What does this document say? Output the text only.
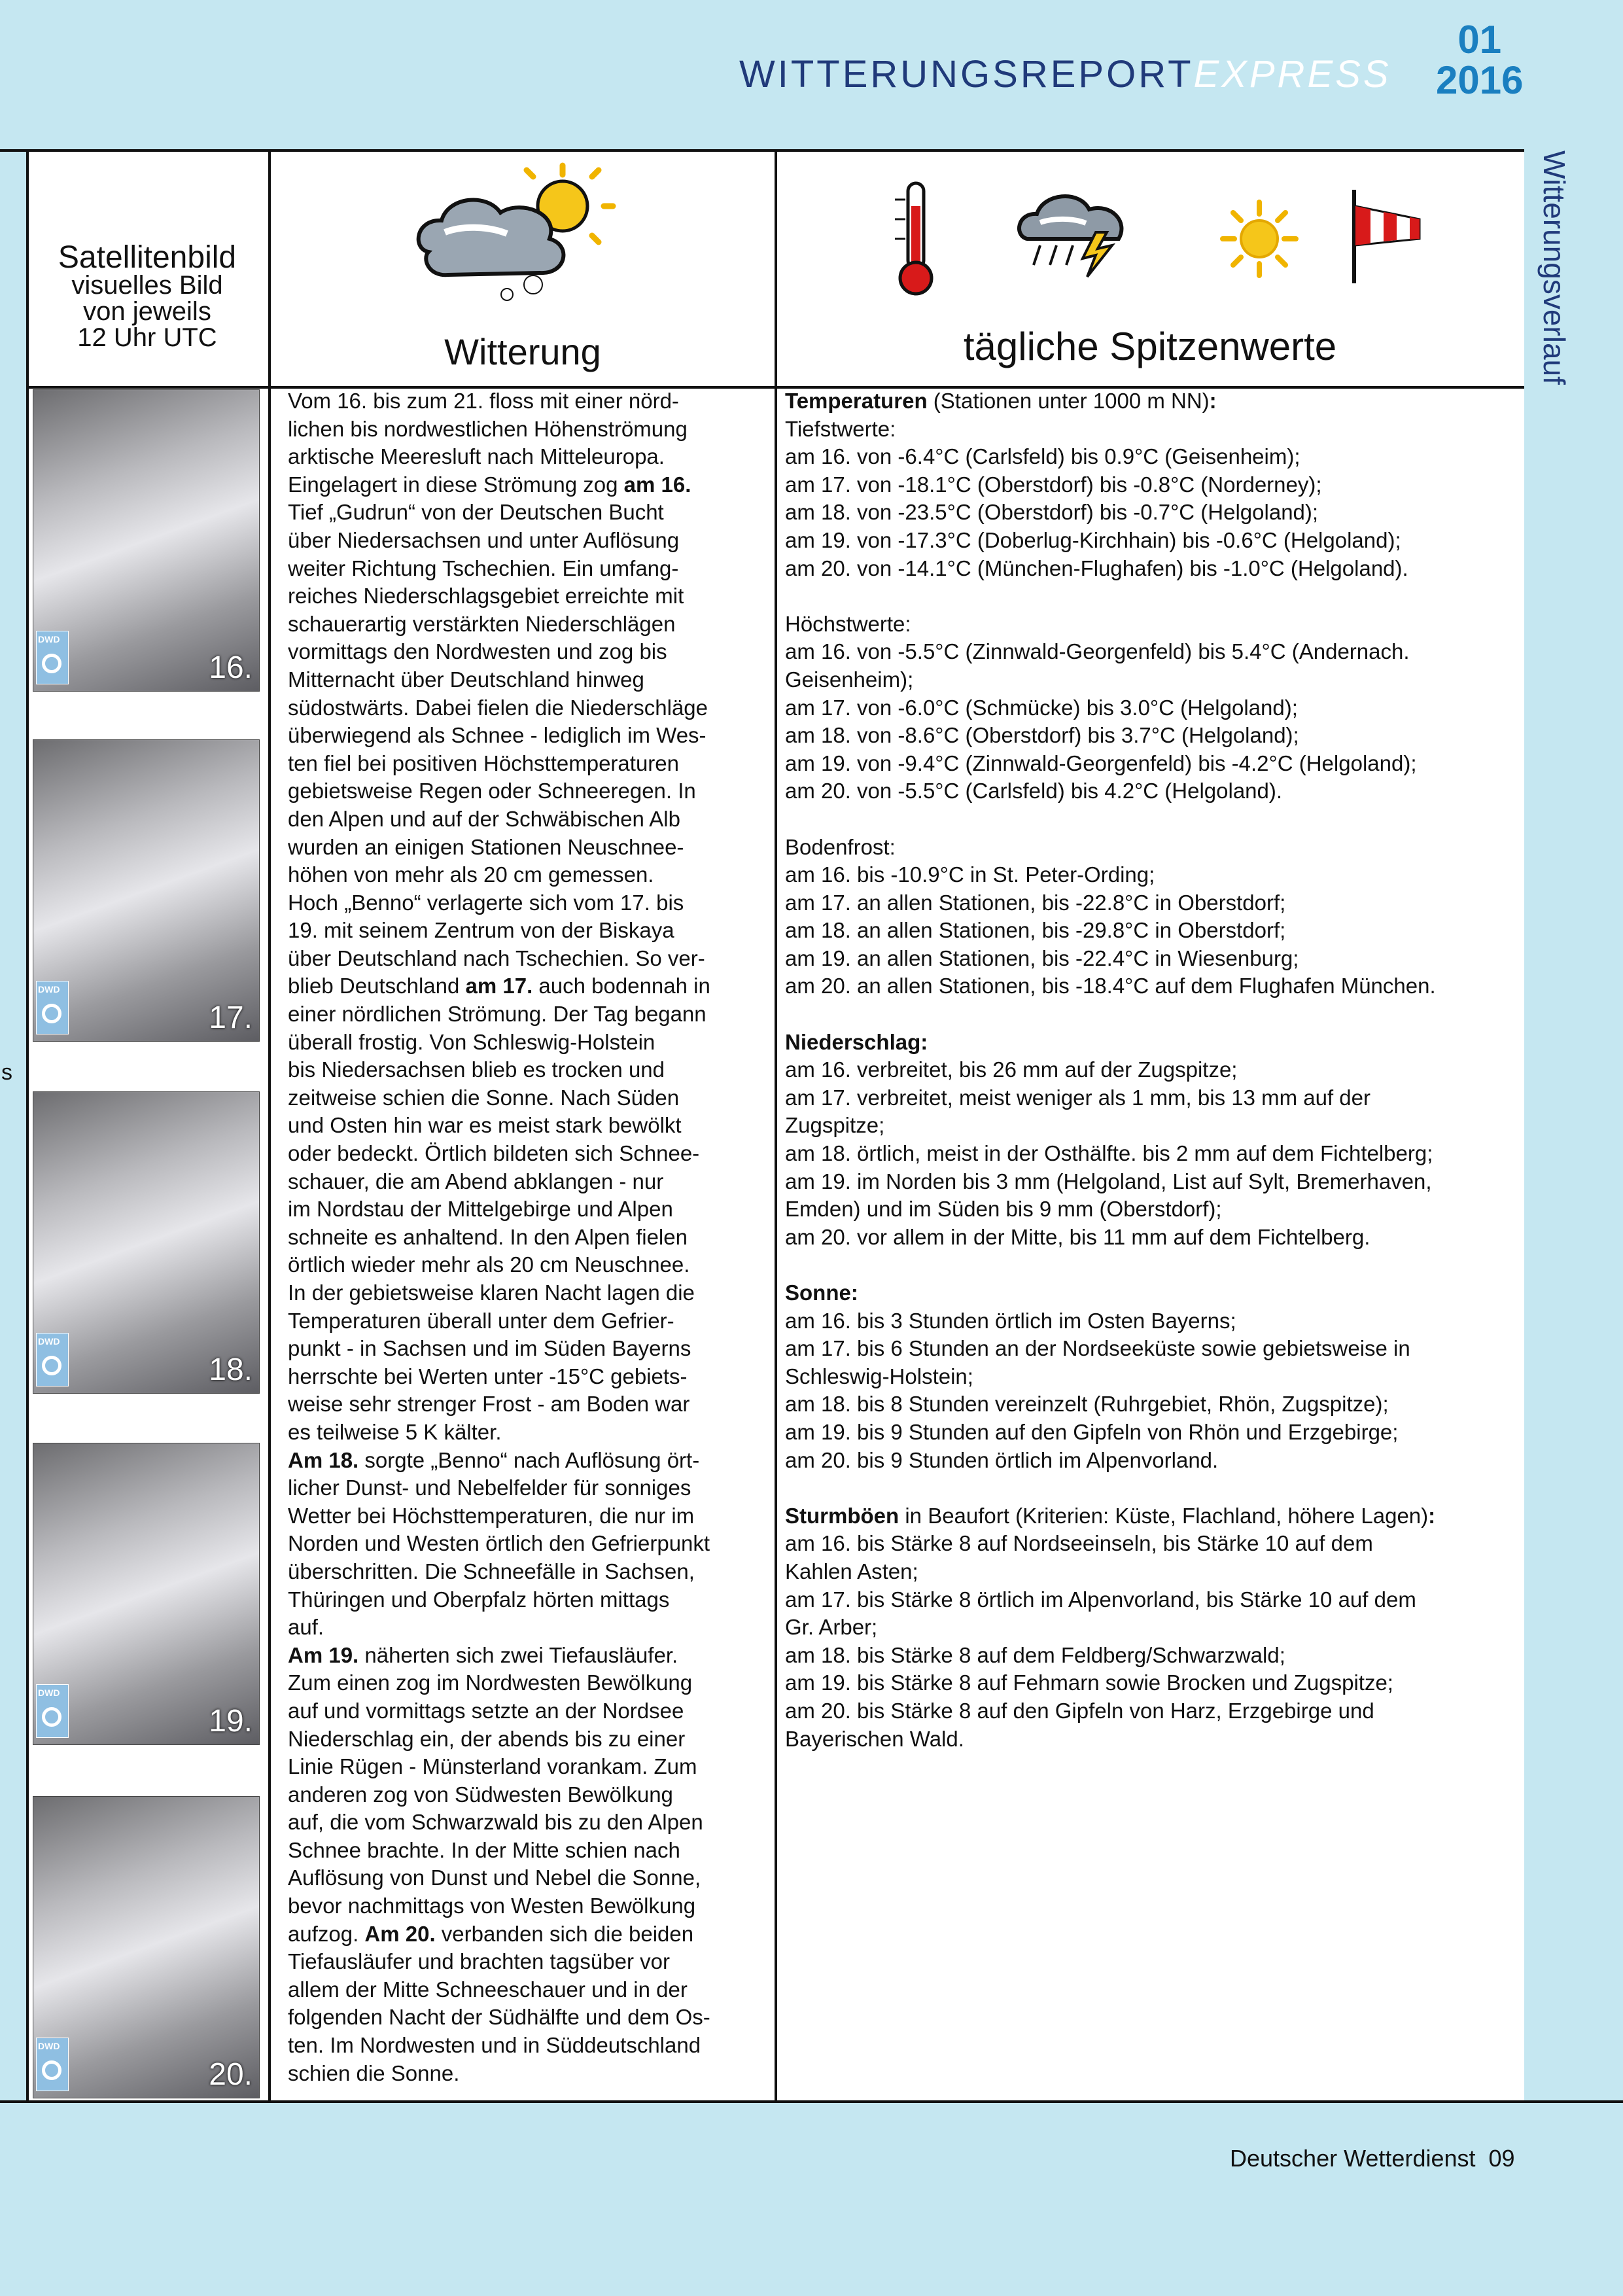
WITTERUNGSREPORTEXPRESS
01
2016
s
Witterungsverlauf
Satellitenbild
visuelles Bild
von jeweils
12 Uhr UTC	Witterung	tägliche Spitzenwerte
DWD
16.
DWD
17.
DWD
18.
DWD
19.
DWD
20.
Vom 16. bis zum 21. floss mit einer nörd-
lichen bis nordwestlichen Höhenströmung
arktische Meeresluft nach Mitteleuropa.
Eingelagert in diese Strömung zog am 16.
Tief „Gudrun“ von der Deutschen Bucht
über Niedersachsen und unter Auflösung
weiter Richtung Tschechien. Ein umfang-
reiches Niederschlagsgebiet erreichte mit
schauerartig verstärkten Niederschlägen
vormittags den Nordwesten und zog bis
Mitternacht über Deutschland hinweg
südostwärts. Dabei fielen die Niederschläge
überwiegend als Schnee - lediglich im Wes-
ten fiel bei positiven Höchsttemperaturen
gebietsweise Regen oder Schneeregen. In
den Alpen und auf der Schwäbischen Alb
wurden an einigen Stationen Neuschnee-
höhen von mehr als 20 cm gemessen.
Hoch „Benno“ verlagerte sich vom 17. bis
19. mit seinem Zentrum von der Biskaya
über Deutschland nach Tschechien. So ver-
blieb Deutschland am 17. auch bodennah in
einer nördlichen Strömung. Der Tag begann
überall frostig. Von Schleswig-Holstein
bis Niedersachsen blieb es trocken und
zeitweise schien die Sonne. Nach Süden
und Osten hin war es meist stark bewölkt
oder bedeckt. Örtlich bildeten sich Schnee-
schauer, die am Abend abklangen - nur
im Nordstau der Mittelgebirge und Alpen
schneite es anhaltend. In den Alpen fielen
örtlich wieder mehr als 20 cm Neuschnee.
In der gebietsweise klaren Nacht lagen die
Temperaturen überall unter dem Gefrier-
punkt - in Sachsen und im Süden Bayerns
herrschte bei Werten unter -15°C gebiets-
weise sehr strenger Frost - am Boden war
es teilweise 5 K kälter.
Am 18. sorgte „Benno“ nach Auflösung ört-
licher Dunst- und Nebelfelder für sonniges
Wetter bei Höchsttemperaturen, die nur im
Norden und Westen örtlich den Gefrierpunkt
überschritten. Die Schneefälle in Sachsen,
Thüringen und Oberpfalz hörten mittags
auf.
Am 19. näherten sich zwei Tiefausläufer.
Zum einen zog im Nordwesten Bewölkung
auf und vormittags setzte an der Nordsee
Niederschlag ein, der abends bis zu einer
Linie Rügen - Münsterland vorankam. Zum
anderen zog von Südwesten Bewölkung
auf, die vom Schwarzwald bis zu den Alpen
Schnee brachte. In der Mitte schien nach
Auflösung von Dunst und Nebel die Sonne,
bevor nachmittags von Westen Bewölkung
aufzog. Am 20. verbanden sich die beiden
Tiefausläufer und brachten tagsüber vor
allem der Mitte Schneeschauer und in der
folgenden Nacht der Südhälfte und dem Os-
ten. Im Nordwesten und in Süddeutschland
schien die Sonne.
Temperaturen (Stationen unter 1000 m NN):
Tiefstwerte:
am 16. von -6.4°C (Carlsfeld) bis 0.9°C (Geisenheim);
am 17. von -18.1°C (Oberstdorf) bis -0.8°C (Norderney);
am 18. von -23.5°C (Oberstdorf) bis -0.7°C (Helgoland);
am 19. von -17.3°C (Doberlug-Kirchhain) bis -0.6°C (Helgoland);
am 20. von -14.1°C (München-Flughafen) bis -1.0°C (Helgoland).
Höchstwerte:
am 16. von -5.5°C (Zinnwald-Georgenfeld) bis 5.4°C (Andernach.
Geisenheim);
am 17. von -6.0°C (Schmücke) bis 3.0°C (Helgoland);
am 18. von -8.6°C (Oberstdorf) bis 3.7°C (Helgoland);
am 19. von -9.4°C (Zinnwald-Georgenfeld) bis -4.2°C (Helgoland);
am 20. von -5.5°C (Carlsfeld) bis 4.2°C (Helgoland).
Bodenfrost:
am 16. bis -10.9°C in St. Peter-Ording;
am 17. an allen Stationen, bis -22.8°C in Oberstdorf;
am 18. an allen Stationen, bis -29.8°C in Oberstdorf;
am 19. an allen Stationen, bis -22.4°C in Wiesenburg;
am 20. an allen Stationen, bis -18.4°C auf dem Flughafen München.
Niederschlag:
am 16. verbreitet, bis 26 mm auf der Zugspitze;
am 17. verbreitet, meist weniger als 1 mm, bis 13 mm auf der
Zugspitze;
am 18. örtlich, meist in der Osthälfte. bis 2 mm auf dem Fichtelberg;
am 19. im Norden bis 3 mm (Helgoland, List auf Sylt, Bremerhaven,
Emden) und im Süden bis 9 mm (Oberstdorf);
am 20. vor allem in der Mitte, bis 11 mm auf dem Fichtelberg.
Sonne:
am 16. bis 3 Stunden örtlich im Osten Bayerns;
am 17. bis 6 Stunden an der Nordseeküste sowie gebietsweise in
Schleswig-Holstein;
am 18. bis 8 Stunden vereinzelt (Ruhrgebiet, Rhön, Zugspitze);
am 19. bis 9 Stunden auf den Gipfeln von Rhön und Erzgebirge;
am 20. bis 9 Stunden örtlich im Alpenvorland.
Sturmböen in Beaufort (Kriterien: Küste, Flachland, höhere Lagen):
am 16. bis Stärke 8 auf Nordseeinseln, bis Stärke 10 auf dem
Kahlen Asten;
am 17. bis Stärke 8 örtlich im Alpenvorland, bis Stärke 10 auf dem
Gr. Arber;
am 18. bis Stärke 8 auf dem Feldberg/Schwarzwald;
am 19. bis Stärke 8 auf Fehmarn sowie Brocken und Zugspitze;
am 20. bis Stärke 8 auf den Gipfeln von Harz, Erzgebirge und
Bayerischen Wald.
Deutscher Wetterdienst 09
